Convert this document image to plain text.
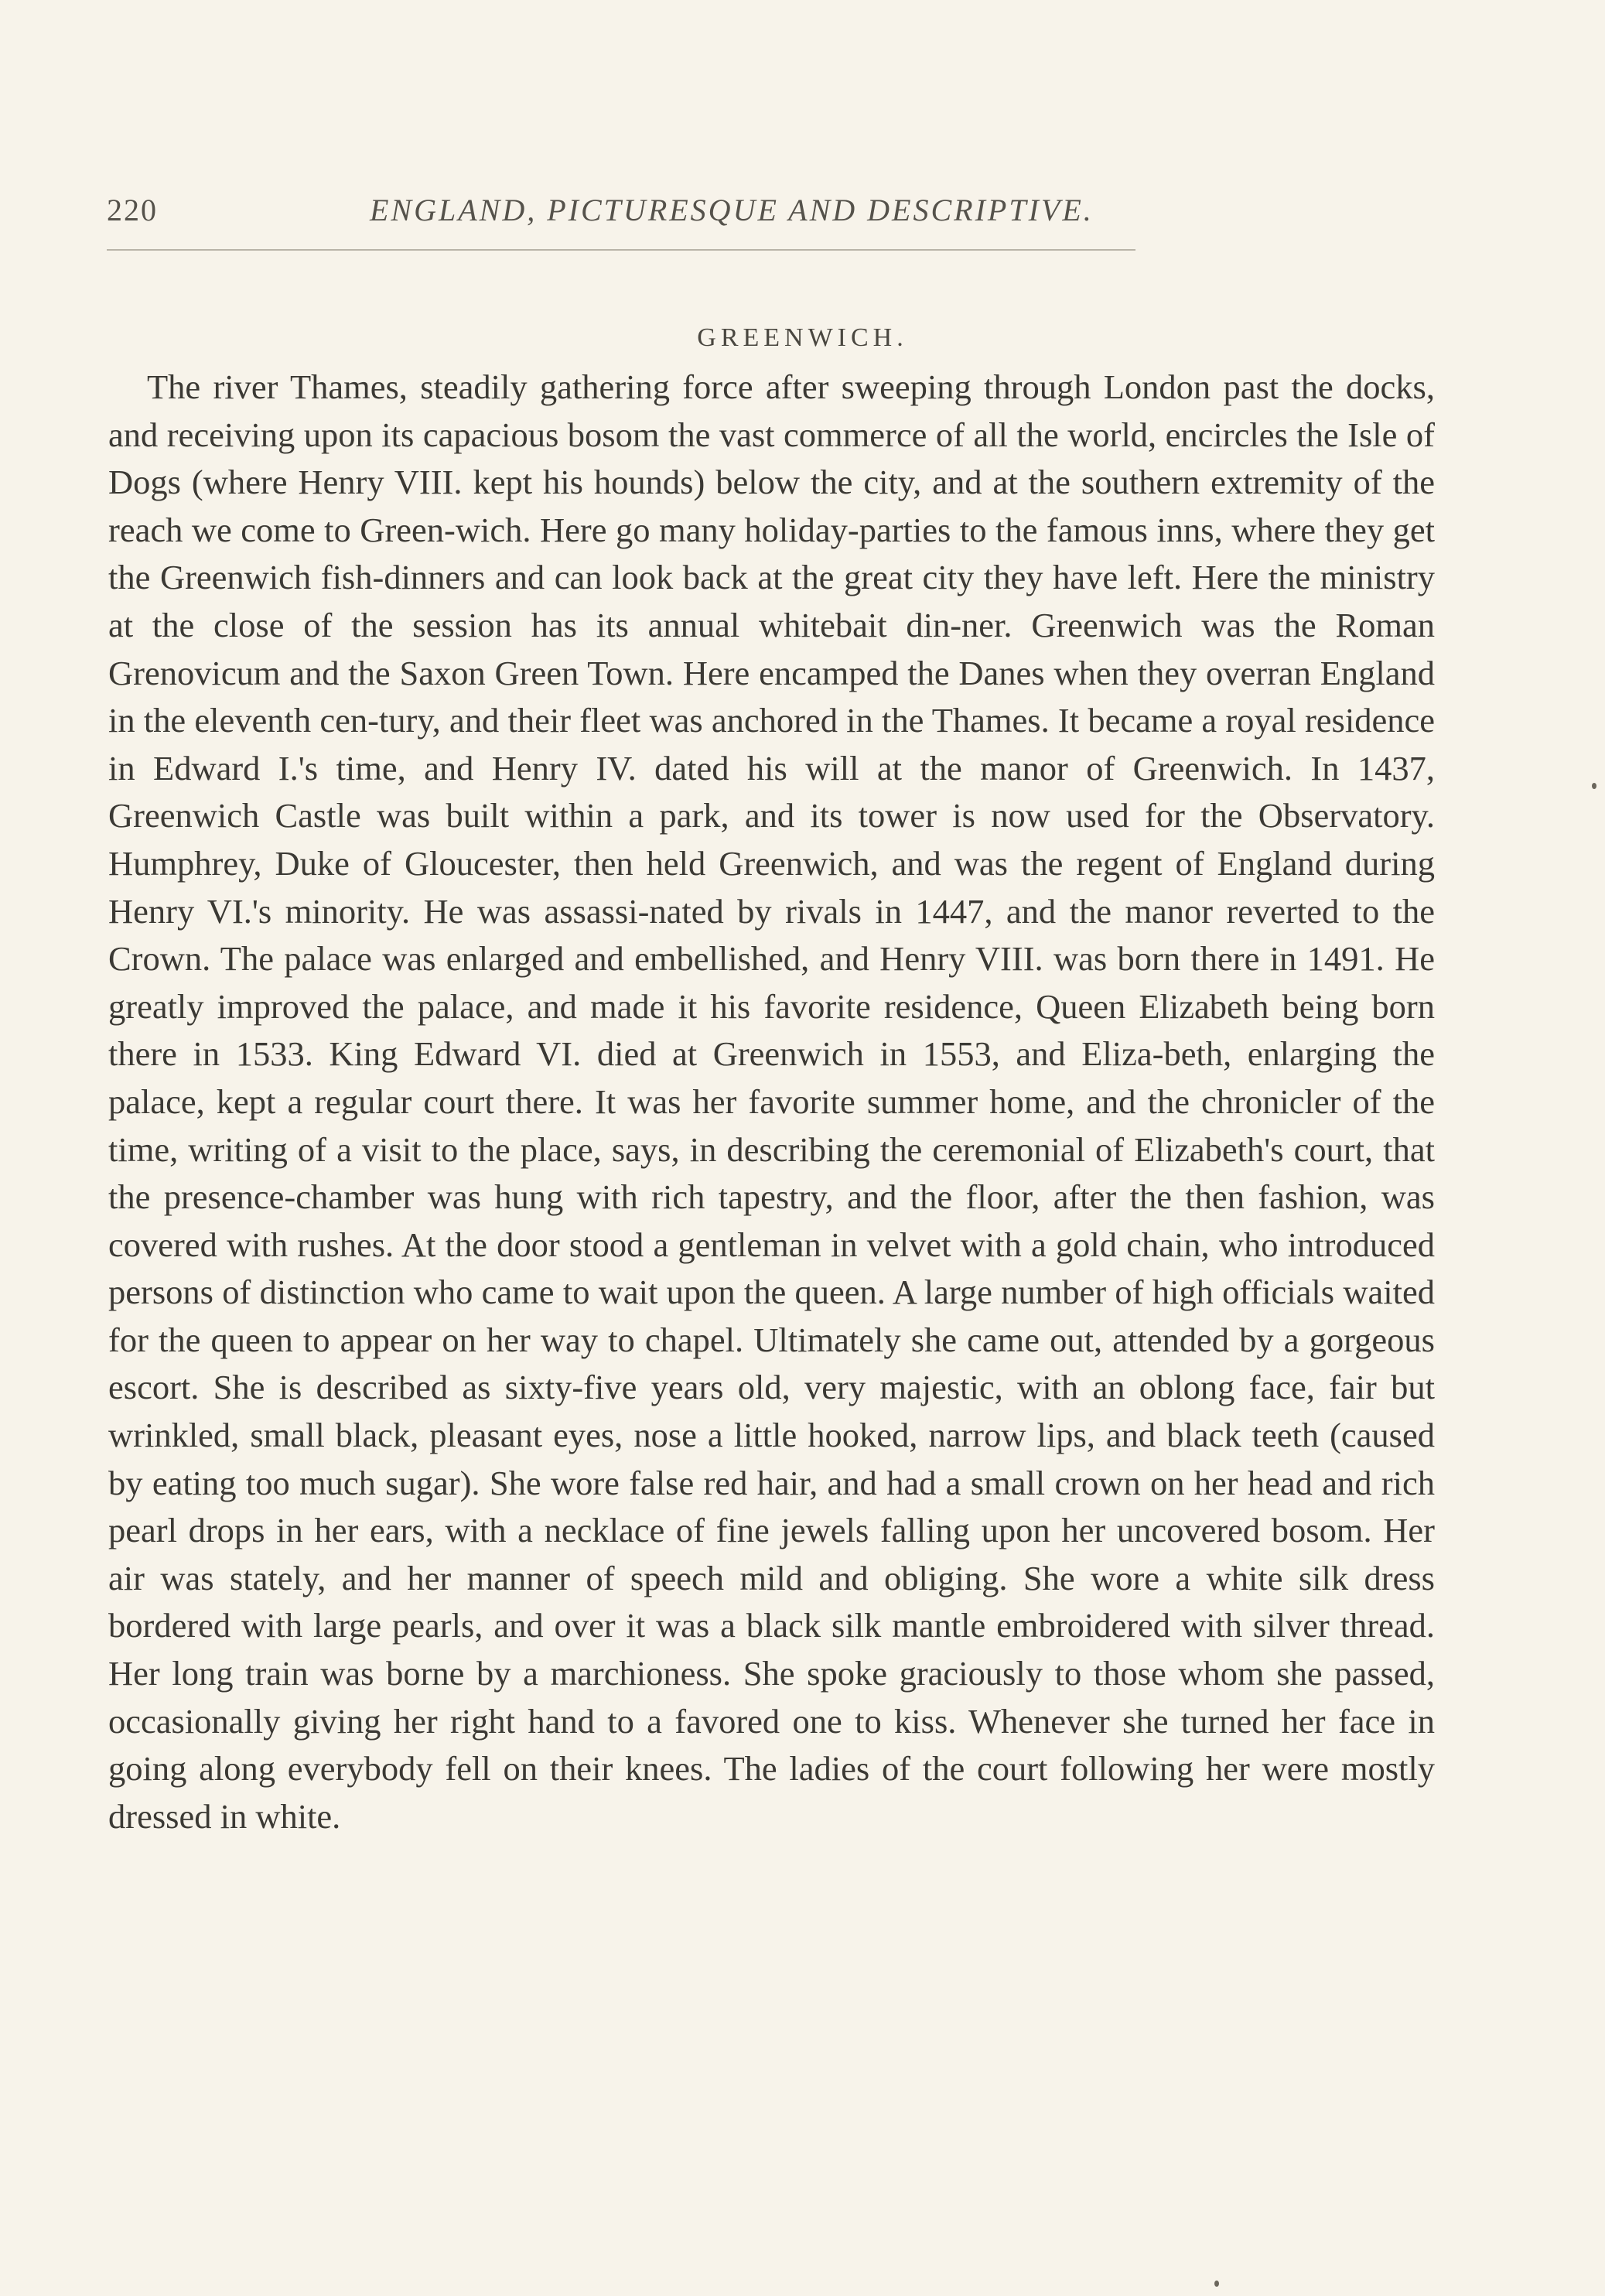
220	ENGLAND, PICTURESQUE AND DESCRIPTIVE.
GREENWICH.

The river Thames, steadily gathering force after sweeping through London past the docks, and receiving upon its capacious bosom the vast commerce of all the world, encircles the Isle of Dogs (where Henry VIII. kept his hounds) below the city, and at the southern extremity of the reach we come to Green-wich. Here go many holiday-parties to the famous inns, where they get the Greenwich fish-dinners and can look back at the great city they have left. Here the ministry at the close of the session has its annual whitebait din-ner. Greenwich was the Roman Grenovicum and the Saxon Green Town. Here encamped the Danes when they overran England in the eleventh cen-tury, and their fleet was anchored in the Thames. It became a royal residence in Edward I.'s time, and Henry IV. dated his will at the manor of Greenwich. In 1437, Greenwich Castle was built within a park, and its tower is now used for the Observatory. Humphrey, Duke of Gloucester, then held Greenwich, and was the regent of England during Henry VI.'s minority. He was assassi-nated by rivals in 1447, and the manor reverted to the Crown. The palace was enlarged and embellished, and Henry VIII. was born there in 1491. He greatly improved the palace, and made it his favorite residence, Queen Elizabeth being born there in 1533. King Edward VI. died at Greenwich in 1553, and Eliza-beth, enlarging the palace, kept a regular court there. It was her favorite summer home, and the chronicler of the time, writing of a visit to the place, says, in describing the ceremonial of Elizabeth's court, that the presence-chamber was hung with rich tapestry, and the floor, after the then fashion, was covered with rushes. At the door stood a gentleman in velvet with a gold chain, who introduced persons of distinction who came to wait upon the queen. A large number of high officials waited for the queen to appear on her way to chapel. Ultimately she came out, attended by a gorgeous escort. She is described as sixty-five years old, very majestic, with an oblong face, fair but wrinkled, small black, pleasant eyes, nose a little hooked, narrow lips, and black teeth (caused by eating too much sugar). She wore false red hair, and had a small crown on her head and rich pearl drops in her ears, with a necklace of fine jewels falling upon her uncovered bosom. Her air was stately, and her manner of speech mild and obliging. She wore a white silk dress bordered with large pearls, and over it was a black silk mantle embroidered with silver thread. Her long train was borne by a marchioness. She spoke graciously to those whom she passed, occasionally giving her right hand to a favored one to kiss. Whenever she turned her face in going along everybody fell on their knees. The ladies of the court following her were mostly dressed in white.
